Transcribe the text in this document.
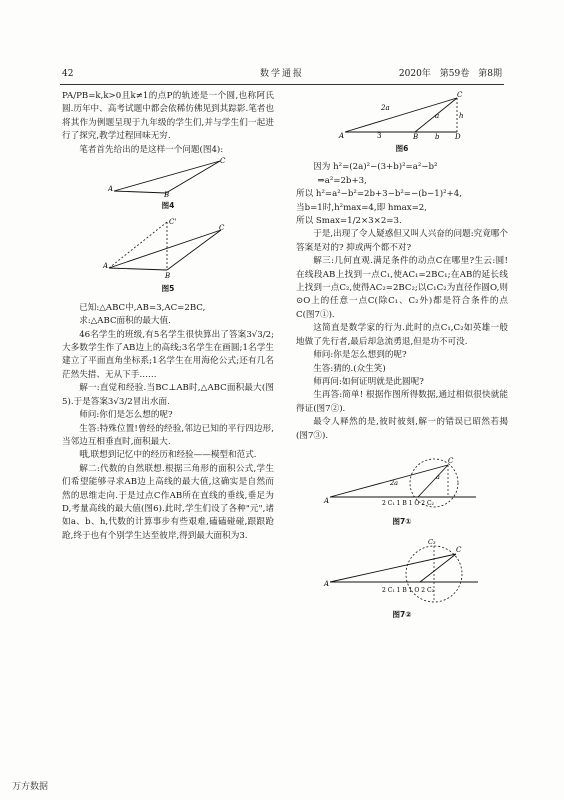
42	数学通报	2020年　第59卷　第8期

PA/PB=k,k>0且k≠1的点P的轨迹是一个圆,也称阿氏圆.历年中、高考试题中都会依稀仿佛见到其踪影.笔者也将其作为例题呈现于九年级的学生们,并与学生们一起进行了探究,教学过程回味无穷.

笔者首先给出的是这样一个问题(图4):

A
B
C
图4
A
B
C
C'
图5

已知:△ABC中,AB=3,AC=2BC,

求:△ABC面积的最大值.

46名学生的班级,有5名学生很快算出了答案3√3/2;大多数学生作了AB边上的高线;3名学生在画圆;1名学生建立了平面直角坐标系;1名学生在用海伦公式;还有几名茫然失措、无从下手……

解一:直觉和经验.当BC⊥AB时,△ABC面积最大(图5).于是答案3√3/2冒出水面.

师问:你们是怎么想的呢?

生答:特殊位置!曾经的经验,邻边已知的平行四边形,当邻边互相垂直时,面积最大.

哦,联想到记忆中的经历和经验——模型和范式.

解二:代数的自然联想.根据三角形的面积公式,学生们希望能够寻求AB边上高线的最大值,这确实是自然而然的思维走向.于是过点C作AB所在直线的垂线,垂足为D,考量高线的最大值(图6).此时,学生们设了各种"元",诸如a、b、h,代数的计算事步有些艰难,磕磕碰碰,跟跟跄跄,终于也有个别学生达至彼岸,得到最大面积为3.

A	B b D
C
2a
a	h
3
图6

因为 h²=(2a)²−(3+b)²=a²−b²

⇒a²=2b+3,

所以 h²=a²−b²=2b+3−b²=−(b−1)²+4,

当b=1时,h²max=4,即 hmax=2,

所以 Smax=1/2×3×2=3.

于是,出现了令人疑惑但又叫人兴奋的问题:究竟哪个答案是对的? 抑或两个都不对?

解三:几何直观.满足条件的动点C在哪里?生云:圆! 在线段AB上找到一点C₁,使AC₁=2BC₁;在AB的延长线上找到一点C₂,使得AC₂=2BC₂;以C₁C₂为直径作圆O,则⊙O上的任意一点C(除C₁、C₂外)都是符合条件的点C(图7①).

这简直是数学家的行为.此时的点C₁,C₂如英雄一般地做了先行者,最后却急流勇退,但是功不可没.

师问:你是怎么想到的呢?

生答:猜的.(众生笑)

师再问:如何证明就是此圆呢?

生再答:简单! 根据作图所得数据,通过相似很快就能得证(图7②).

最令人释然的是,彼时彼刻,解一的错误已昭然若揭(图7③).

A
C
2a
a
2 C₁ 1 B 1 O 2 C₂
图7①
A
C
C₃
2 C₁ 1 B 1 O 2 C₂
图7②
万方数据
